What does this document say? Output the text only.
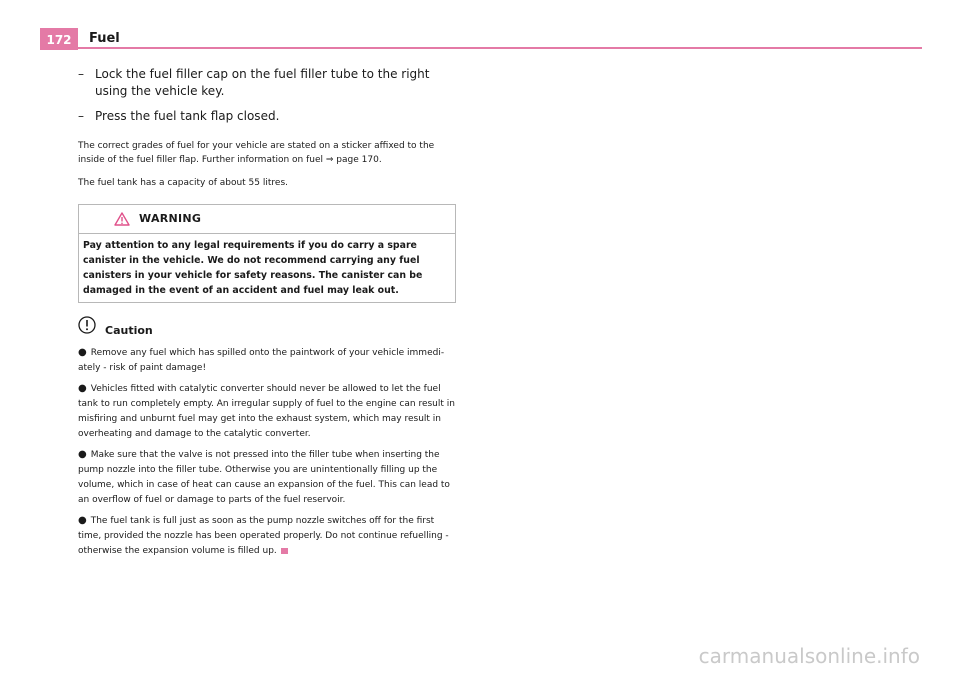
172	Fuel
– Lock the fuel filler cap on the fuel filler tube to the right using the vehicle key.
– Press the fuel tank flap closed.

The correct grades of fuel for your vehicle are stated on a sticker affixed to the inside of the fuel filler flap. Further information on fuel ⇒ page 170.

The fuel tank has a capacity of about 55 litres.

WARNING
Pay attention to any legal requirements if you do carry a spare canister in the vehicle. We do not recommend carrying any fuel canisters in your vehicle for safety reasons. The canister can be damaged in the event of an accident and fuel may leak out.
Caution

● Remove any fuel which has spilled onto the paintwork of your vehicle immedi-ately - risk of paint damage!

● Vehicles fitted with catalytic converter should never be allowed to let the fuel tank to run completely empty. An irregular supply of fuel to the engine can result in misfiring and unburnt fuel may get into the exhaust system, which may result in overheating and damage to the catalytic converter.

● Make sure that the valve is not pressed into the filler tube when inserting the pump nozzle into the filler tube. Otherwise you are unintentionally filling up the volume, which in case of heat can cause an expansion of the fuel. This can lead to an overflow of fuel or damage to parts of the fuel reservoir.

● The fuel tank is full just as soon as the pump nozzle switches off for the first time, provided the nozzle has been operated properly. Do not continue refuelling - otherwise the expansion volume is filled up.

carmanualsonline.info
